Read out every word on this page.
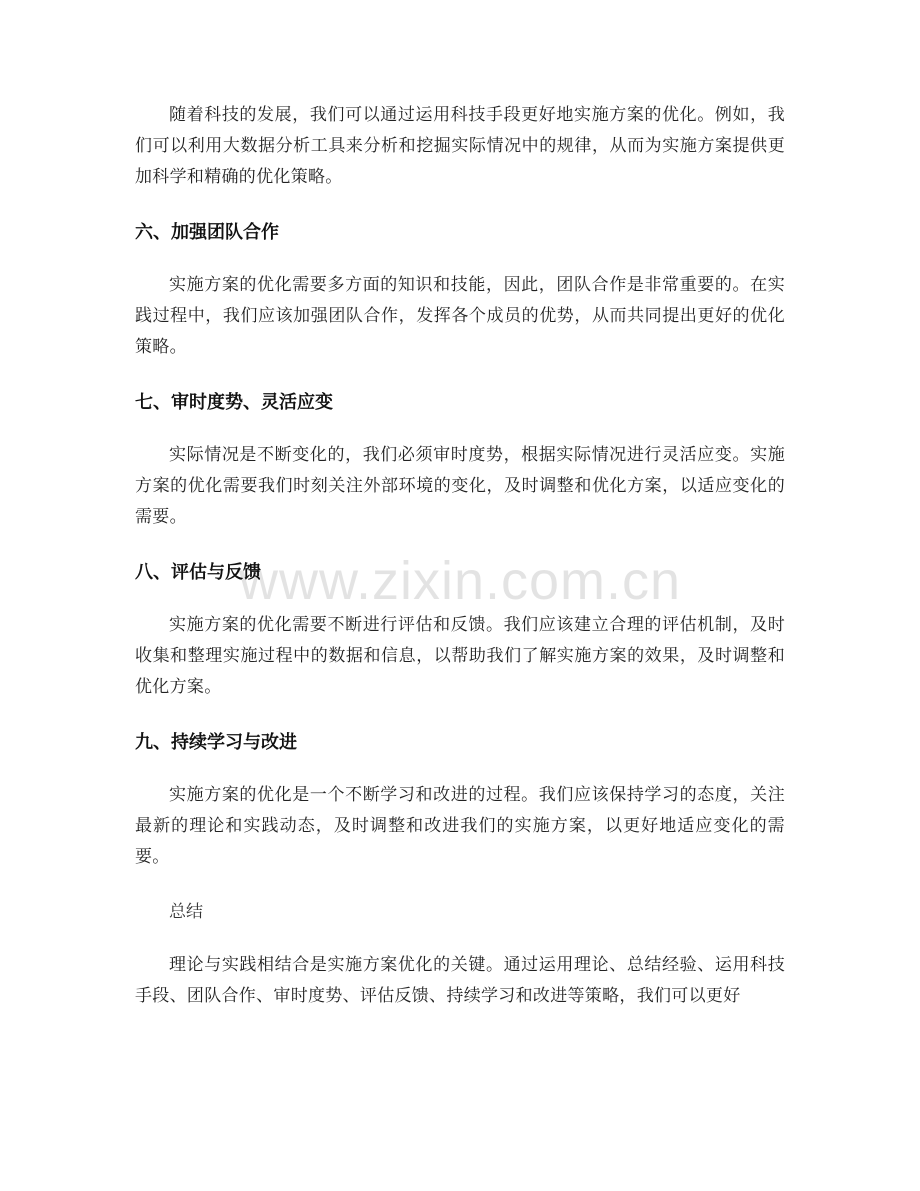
随着科技的发展，我们可以通过运用科技手段更好地实施方案的优化。例如，我们可以利用大数据分析工具来分析和挖掘实际情况中的规律，从而为实施方案提供更加科学和精确的优化策略。

六、加强团队合作

实施方案的优化需要多方面的知识和技能，因此，团队合作是非常重要的。在实践过程中，我们应该加强团队合作，发挥各个成员的优势，从而共同提出更好的优化策略。

七、审时度势、灵活应变

实际情况是不断变化的，我们必须审时度势，根据实际情况进行灵活应变。实施方案的优化需要我们时刻关注外部环境的变化，及时调整和优化方案，以适应变化的需要。

八、评估与反馈

实施方案的优化需要不断进行评估和反馈。我们应该建立合理的评估机制，及时收集和整理实施过程中的数据和信息，以帮助我们了解实施方案的效果，及时调整和优化方案。

九、持续学习与改进

实施方案的优化是一个不断学习和改进的过程。我们应该保持学习的态度，关注最新的理论和实践动态，及时调整和改进我们的实施方案，以更好地适应变化的需要。

总结

理论与实践相结合是实施方案优化的关键。通过运用理论、总结经验、运用科技手段、团队合作、审时度势、评估反馈、持续学习和改进等策略，我们可以更好

www.zixin.com.cn
